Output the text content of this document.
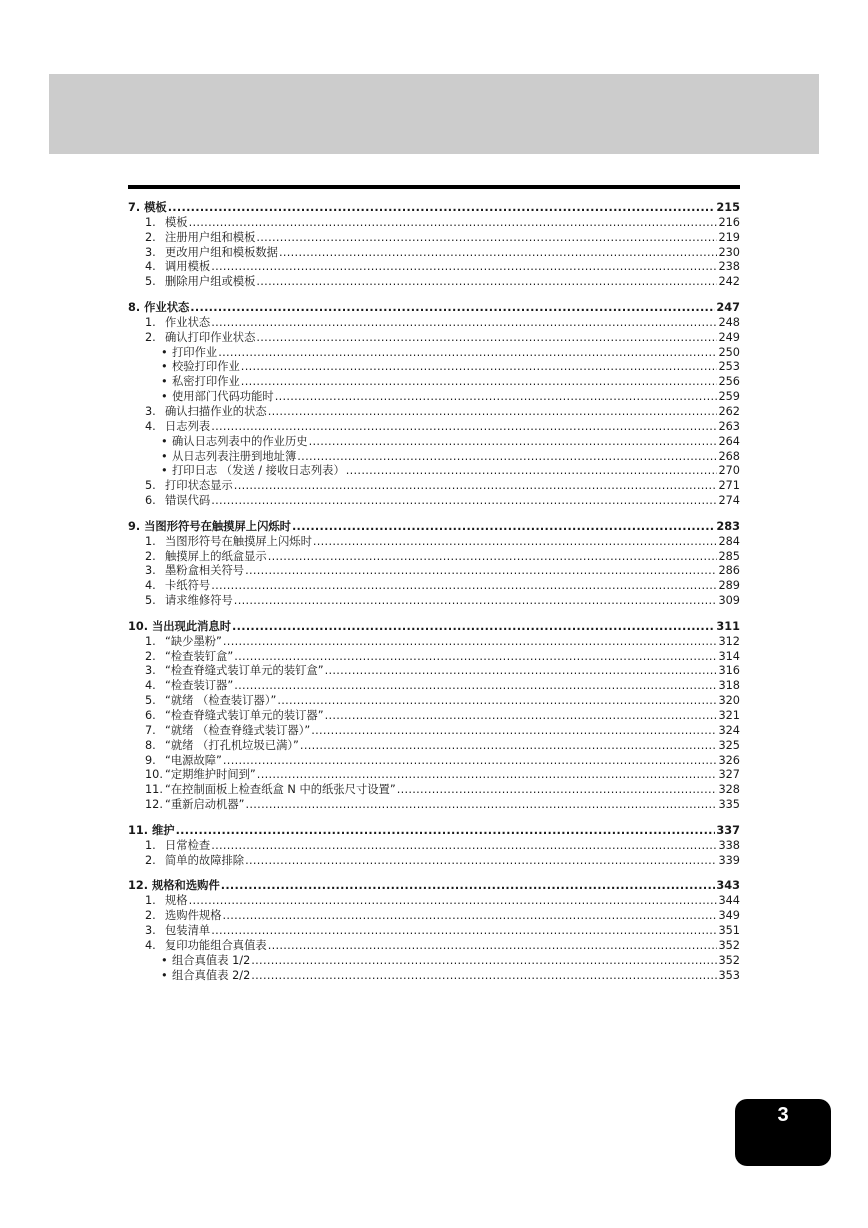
7. 模板 .....	215
1. 模板 .....	216
2. 注册用户组和模板 .....	219
3. 更改用户组和模板数据 .....	230
4. 调用模板 .....	238
5. 删除用户组或模板 .....	242
8. 作业状态 .....	247
1. 作业状态 .....	248
2. 确认打印作业状态 .....	249
• 打印作业 .....	250
• 校验打印作业 .....	253
• 私密打印作业 .....	256
• 使用部门代码功能时 .....	259
3. 确认扫描作业的状态 .....	262
4. 日志列表 .....	263
• 确认日志列表中的作业历史 .....	264
• 从日志列表注册到地址簿 .....	268
• 打印日志 （发送 / 接收日志列表） .....	270
5. 打印状态显示 .....	271
6. 错误代码 .....	274
9. 当图形符号在触摸屏上闪烁时 .....	283
1. 当图形符号在触摸屏上闪烁时 .....	284
2. 触摸屏上的纸盒显示 .....	285
3. 墨粉盒相关符号 .....	286
4. 卡纸符号 .....	289
5. 请求维修符号 .....	309
10. 当出现此消息时 .....	311
1. “缺少墨粉” .....	312
2. “检查装钉盒” .....	314
3. “检查脊缝式装订单元的装钉盒” .....	316
4. “检查装订器” .....	318
5. “就绪 （检查装订器）” .....	320
6. “检查脊缝式装订单元的装订器” .....	321
7. “就绪 （检查脊缝式装订器）” .....	324
8. “就绪 （打孔机垃圾已满）” .....	325
9. “电源故障” .....	326
10. “定期维护时间到” .....	327
11. “在控制面板上检查纸盒 N 中的纸张尺寸设置” .....	328
12. “重新启动机器” .....	335
11. 维护 .....	337
1. 日常检查 .....	338
2. 简单的故障排除 .....	339
12. 规格和选购件 .....	343
1. 规格 .....	344
2. 选购件规格 .....	349
3. 包装清单 .....	351
4. 复印功能组合真值表 .....	352
• 组合真值表 1/2 .....	352
• 组合真值表 2/2 .....	353
3
